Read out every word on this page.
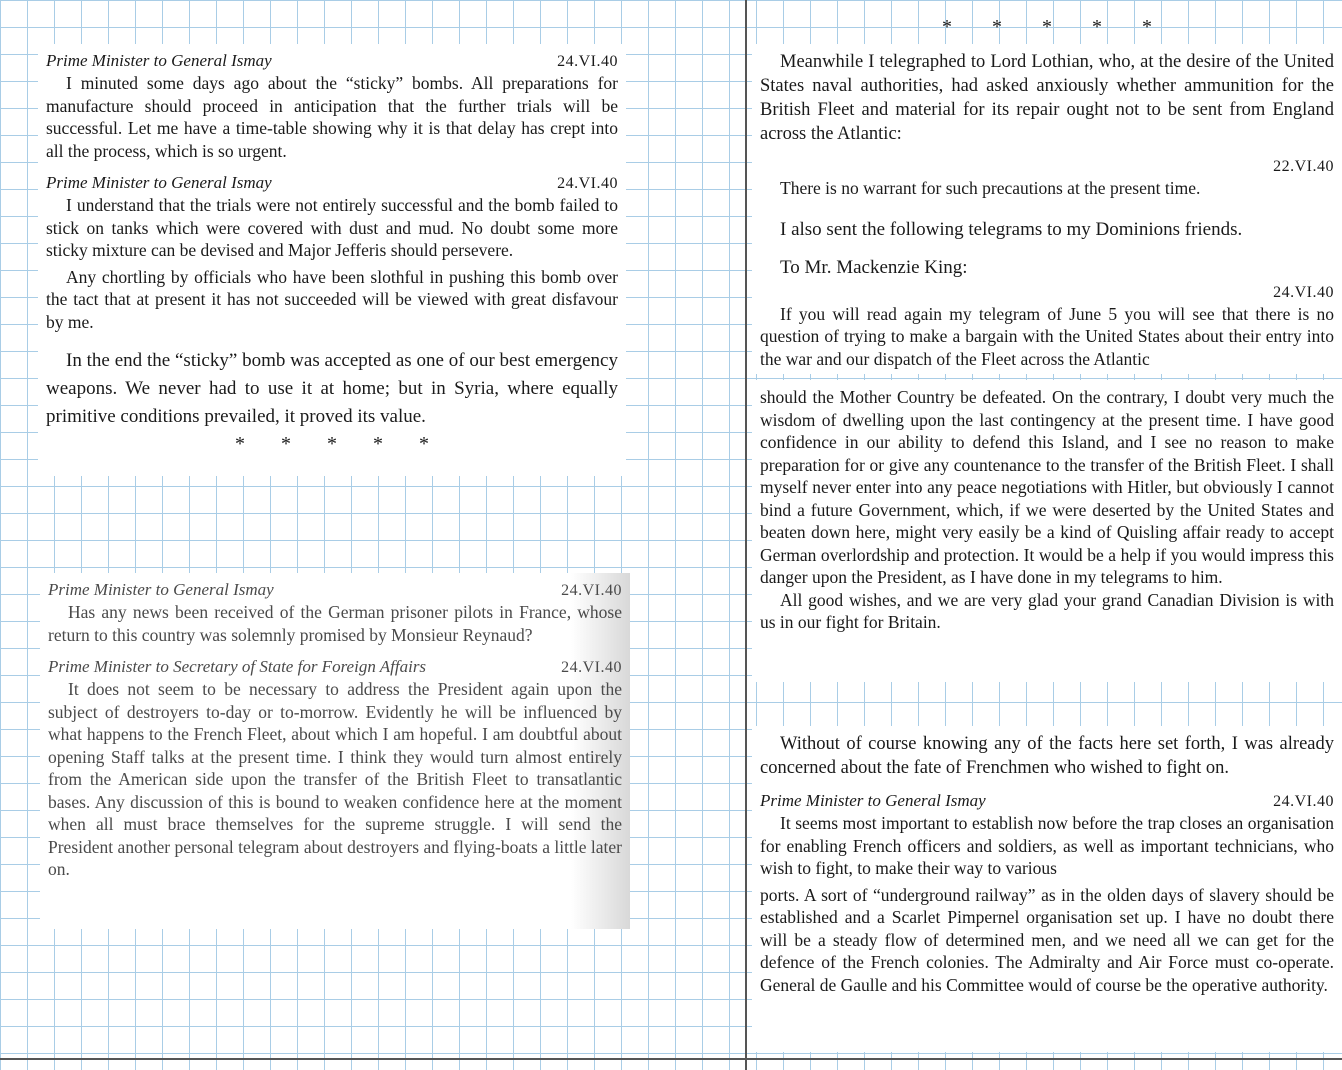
* * * * *
Prime Minister to General Ismay	24.VI.40

I minuted some days ago about the “sticky” bombs. All preparations for manufacture should proceed in anticipation that the further trials will be successful. Let me have a time-table showing why it is that delay has crept into all the process, which is so urgent.

Prime Minister to General Ismay	24.VI.40

I understand that the trials were not entirely successful and the bomb failed to stick on tanks which were covered with dust and mud. No doubt some more sticky mixture can be devised and Major Jefferis should persevere.

Any chortling by officials who have been slothful in pushing this bomb over the tact that at present it has not succeeded will be viewed with great disfavour by me.

In the end the “sticky” bomb was accepted as one of our best emergency weapons. We never had to use it at home; but in Syria, where equally primitive conditions prevailed, it proved its value.

* * * * *
Prime Minister to General Ismay	24.VI.40

Has any news been received of the German prisoner pilots in France, whose return to this country was solemnly promised by Monsieur Reynaud?

Prime Minister to Secretary of State for Foreign Affairs	24.VI.40

It does not seem to be necessary to address the President again upon the subject of destroyers to-day or to-morrow. Evidently he will be influenced by what happens to the French Fleet, about which I am hopeful. I am doubtful about opening Staff talks at the present time. I think they would turn almost entirely from the American side upon the transfer of the British Fleet to transatlantic bases. Any discussion of this is bound to weaken confidence here at the moment when all must brace themselves for the supreme struggle. I will send the President another personal telegram about destroyers and flying-boats a little later on.

Meanwhile I telegraphed to Lord Lothian, who, at the desire of the United States naval authorities, had asked anxiously whether ammunition for the British Fleet and material for its repair ought not to be sent from England across the Atlantic:

22.VI.40

There is no warrant for such precautions at the present time.

I also sent the following telegrams to my Dominions friends.

To Mr. Mackenzie King:

24.VI.40

If you will read again my telegram of June 5 you will see that there is no question of trying to make a bargain with the United States about their entry into the war and our dispatch of the Fleet across the Atlantic

should the Mother Country be defeated. On the contrary, I doubt very much the wisdom of dwelling upon the last contingency at the present time. I have good confidence in our ability to defend this Island, and I see no reason to make preparation for or give any countenance to the transfer of the British Fleet. I shall myself never enter into any peace negotiations with Hitler, but obviously I cannot bind a future Government, which, if we were deserted by the United States and beaten down here, might very easily be a kind of Quisling affair ready to accept German overlordship and protection. It would be a help if you would impress this danger upon the President, as I have done in my telegrams to him.

All good wishes, and we are very glad your grand Canadian Division is with us in our fight for Britain.

Without of course knowing any of the facts here set forth, I was already concerned about the fate of Frenchmen who wished to fight on.

Prime Minister to General Ismay	24.VI.40

It seems most important to establish now before the trap closes an organisation for enabling French officers and soldiers, as well as important technicians, who wish to fight, to make their way to various

ports. A sort of “underground railway” as in the olden days of slavery should be established and a Scarlet Pimpernel organisation set up. I have no doubt there will be a steady flow of determined men, and we need all we can get for the defence of the French colonies. The Admiralty and Air Force must co-operate. General de Gaulle and his Committee would of course be the operative authority.
